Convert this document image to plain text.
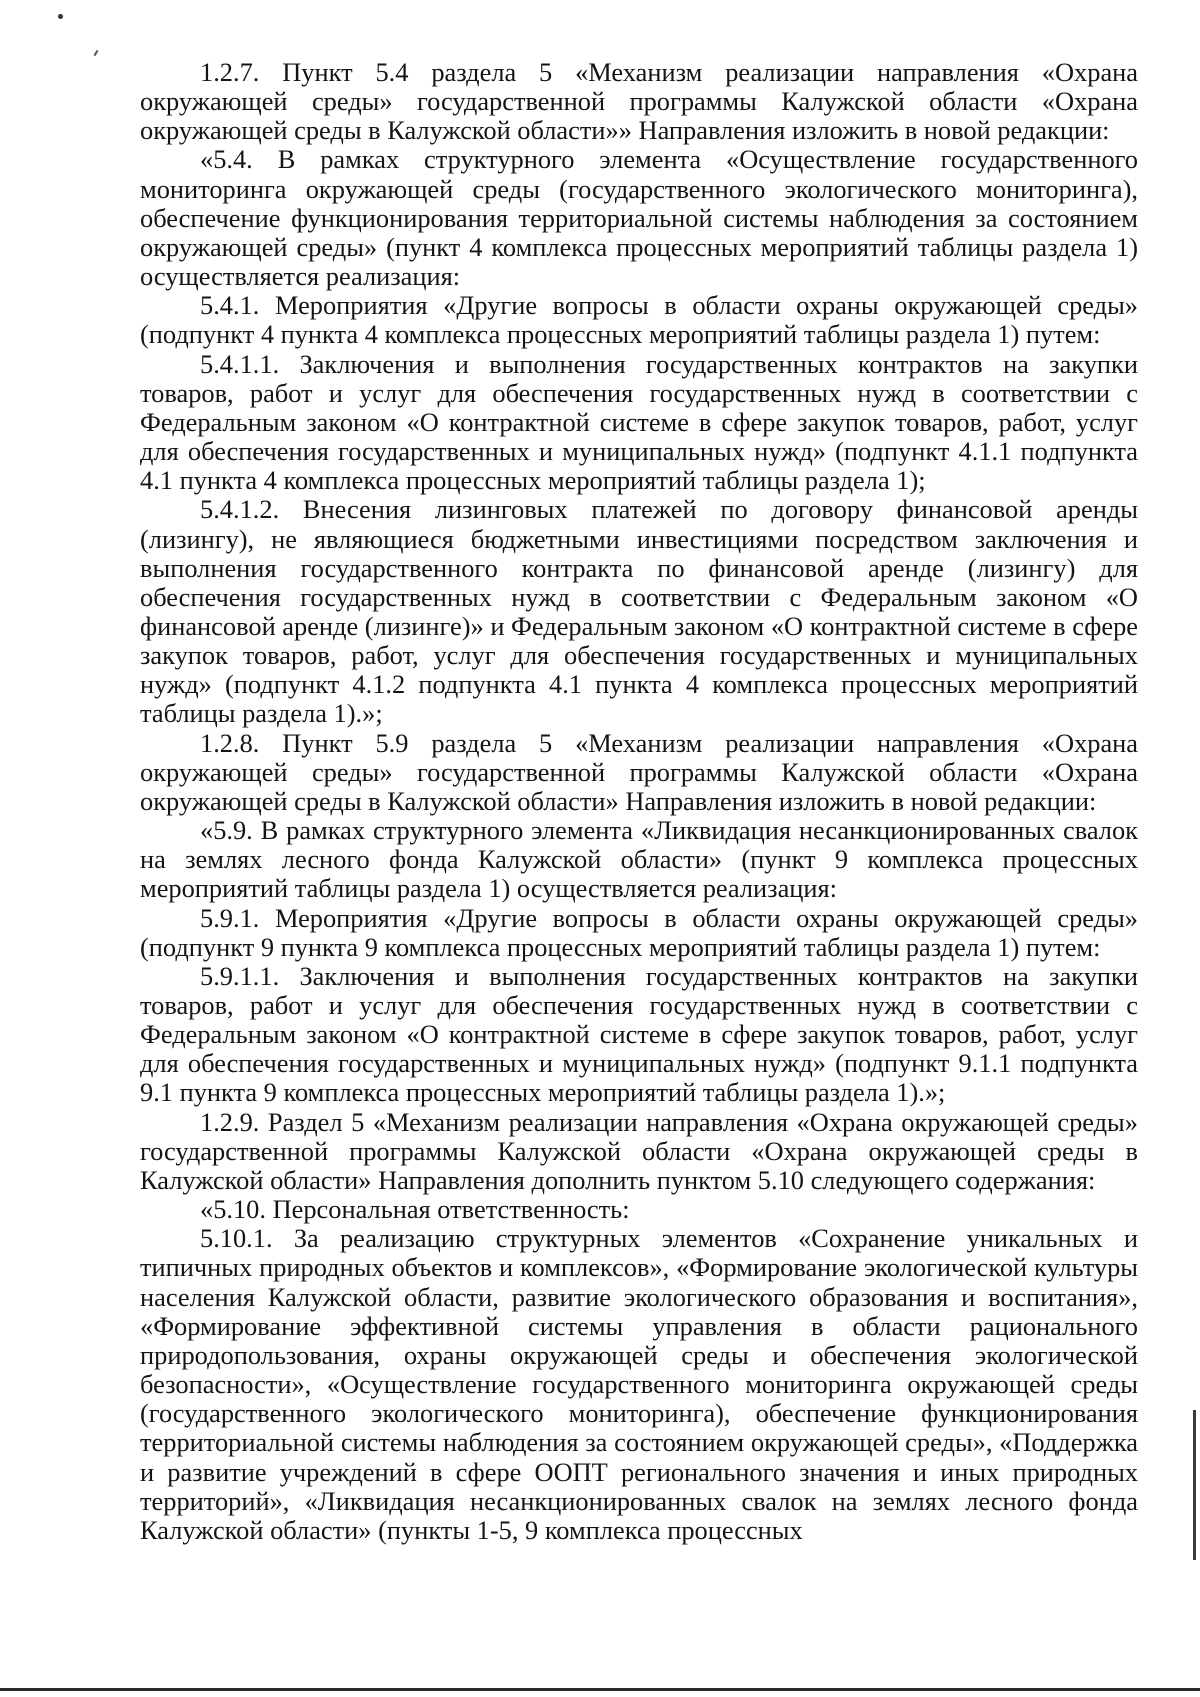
1.2.7. Пункт 5.4 раздела 5 «Механизм реализации направления «Охрана окружающей среды» государственной программы Калужской области «Охрана окружающей среды в Калужской области»» Направления изложить в новой редакции:

«5.4. В рамках структурного элемента «Осуществление государственного мониторинга окружающей среды (государственного экологического мониторинга), обеспечение функционирования территориальной системы наблюдения за состоянием окружающей среды» (пункт 4 комплекса процессных мероприятий таблицы раздела 1) осуществляется реализация:

5.4.1. Мероприятия «Другие вопросы в области охраны окружающей среды» (подпункт 4 пункта 4 комплекса процессных мероприятий таблицы раздела 1) путем:

5.4.1.1. Заключения и выполнения государственных контрактов на закупки товаров, работ и услуг для обеспечения государственных нужд в соответствии с Федеральным законом «О контрактной системе в сфере закупок товаров, работ, услуг для обеспечения государственных и муниципальных нужд» (подпункт 4.1.1 подпункта 4.1 пункта 4 комплекса процессных мероприятий таблицы раздела 1);

5.4.1.2. Внесения лизинговых платежей по договору финансовой аренды (лизингу), не являющиеся бюджетными инвестициями посредством заключения и выполнения государственного контракта по финансовой аренде (лизингу) для обеспечения государственных нужд в соответствии с Федеральным законом «О финансовой аренде (лизинге)» и Федеральным законом «О контрактной системе в сфере закупок товаров, работ, услуг для обеспечения государственных и муниципальных нужд» (подпункт 4.1.2 подпункта 4.1 пункта 4 комплекса процессных мероприятий таблицы раздела 1).»;

1.2.8. Пункт 5.9 раздела 5 «Механизм реализации направления «Охрана окружающей среды» государственной программы Калужской области «Охрана окружающей среды в Калужской области» Направления изложить в новой редакции:

«5.9. В рамках структурного элемента «Ликвидация несанкционированных свалок на землях лесного фонда Калужской области» (пункт 9 комплекса процессных мероприятий таблицы раздела 1) осуществляется реализация:

5.9.1. Мероприятия «Другие вопросы в области охраны окружающей среды» (подпункт 9 пункта 9 комплекса процессных мероприятий таблицы раздела 1) путем:

5.9.1.1. Заключения и выполнения государственных контрактов на закупки товаров, работ и услуг для обеспечения государственных нужд в соответствии с Федеральным законом «О контрактной системе в сфере закупок товаров, работ, услуг для обеспечения государственных и муниципальных нужд» (подпункт 9.1.1 подпункта 9.1 пункта 9 комплекса процессных мероприятий таблицы раздела 1).»;

1.2.9. Раздел 5 «Механизм реализации направления «Охрана окружающей среды» государственной программы Калужской области «Охрана окружающей среды в Калужской области» Направления дополнить пунктом 5.10 следующего содержания:

«5.10. Персональная ответственность:

5.10.1. За реализацию структурных элементов «Сохранение уникальных и типичных природных объектов и комплексов», «Формирование экологической культуры населения Калужской области, развитие экологического образования и воспитания», «Формирование эффективной системы управления в области рационального природопользования, охраны окружающей среды и обеспечения экологической безопасности», «Осуществление государственного мониторинга окружающей среды (государственного экологического мониторинга), обеспечение функционирования территориальной системы наблюдения за состоянием окружающей среды», «Поддержка и развитие учреждений в сфере ООПТ регионального значения и иных природных территорий», «Ликвидация несанкционированных свалок на землях лесного фонда Калужской области» (пункты 1-5, 9 комплекса процессных
